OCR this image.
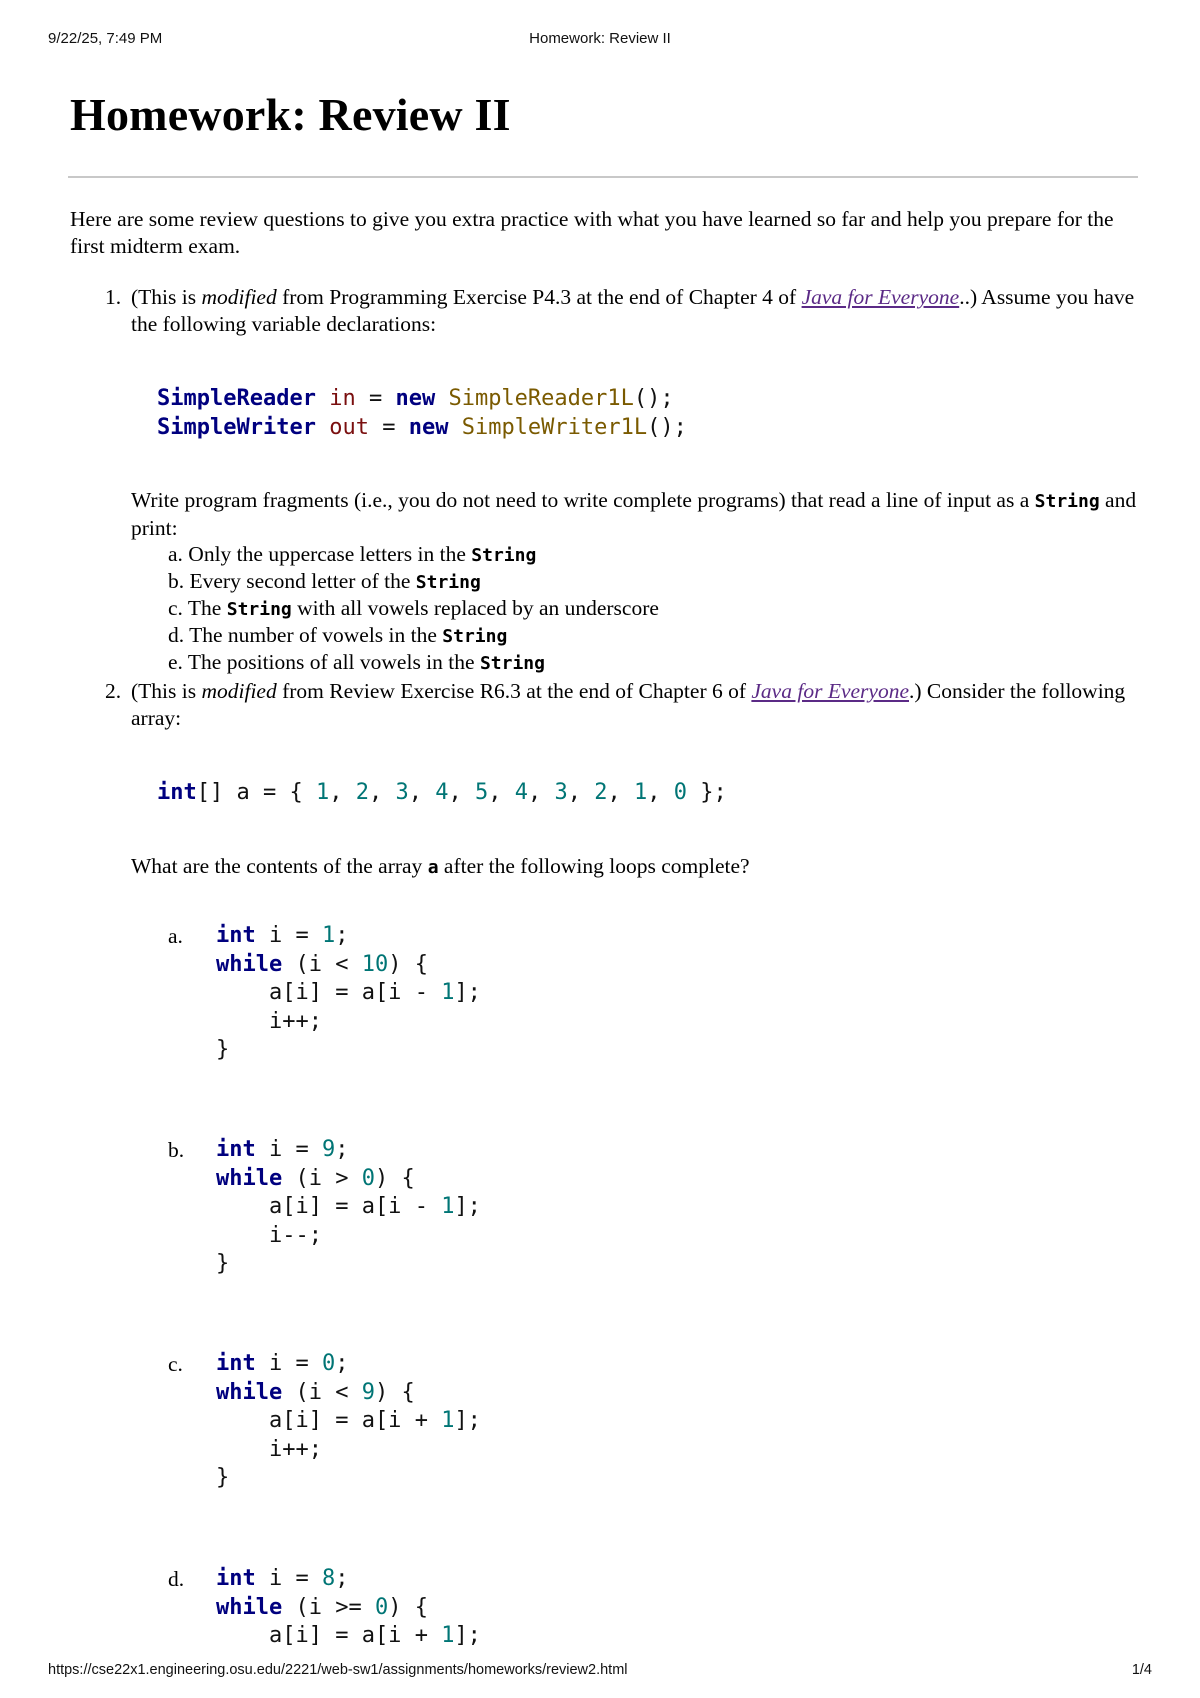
9/22/25, 7:49 PM	Homework: Review II
Homework: Review II
Here are some review questions to give you extra practice with what you have learned so far and help you prepare for the first midterm exam.
1. (This is modified from Programming Exercise P4.3 at the end of Chapter 4 of Java for Everyone..) Assume you have the following variable declarations:
SimpleReader in = new SimpleReader1L();
SimpleWriter out = new SimpleWriter1L();
Write program fragments (i.e., you do not need to write complete programs) that read a line of input as a String and print:
a. Only the uppercase letters in the String
b. Every second letter of the String
c. The String with all vowels replaced by an underscore
d. The number of vowels in the String
e. The positions of all vowels in the String
2. (This is modified from Review Exercise R6.3 at the end of Chapter 6 of Java for Everyone.) Consider the following array:
int[] a = { 1, 2, 3, 4, 5, 4, 3, 2, 1, 0 };
What are the contents of the array a after the following loops complete?
a. int i = 1;
while (i < 10) {
a[i] = a[i - 1];
i++;
}
b. int i = 9;
while (i > 0) {
a[i] = a[i - 1];
i--;
}
c. int i = 0;
while (i < 9) {
a[i] = a[i + 1];
i++;
}
d. int i = 8;
while (i >= 0) {
a[i] = a[i + 1];
https://cse22x1.engineering.osu.edu/2221/web-sw1/assignments/homeworks/review2.html	1/4
